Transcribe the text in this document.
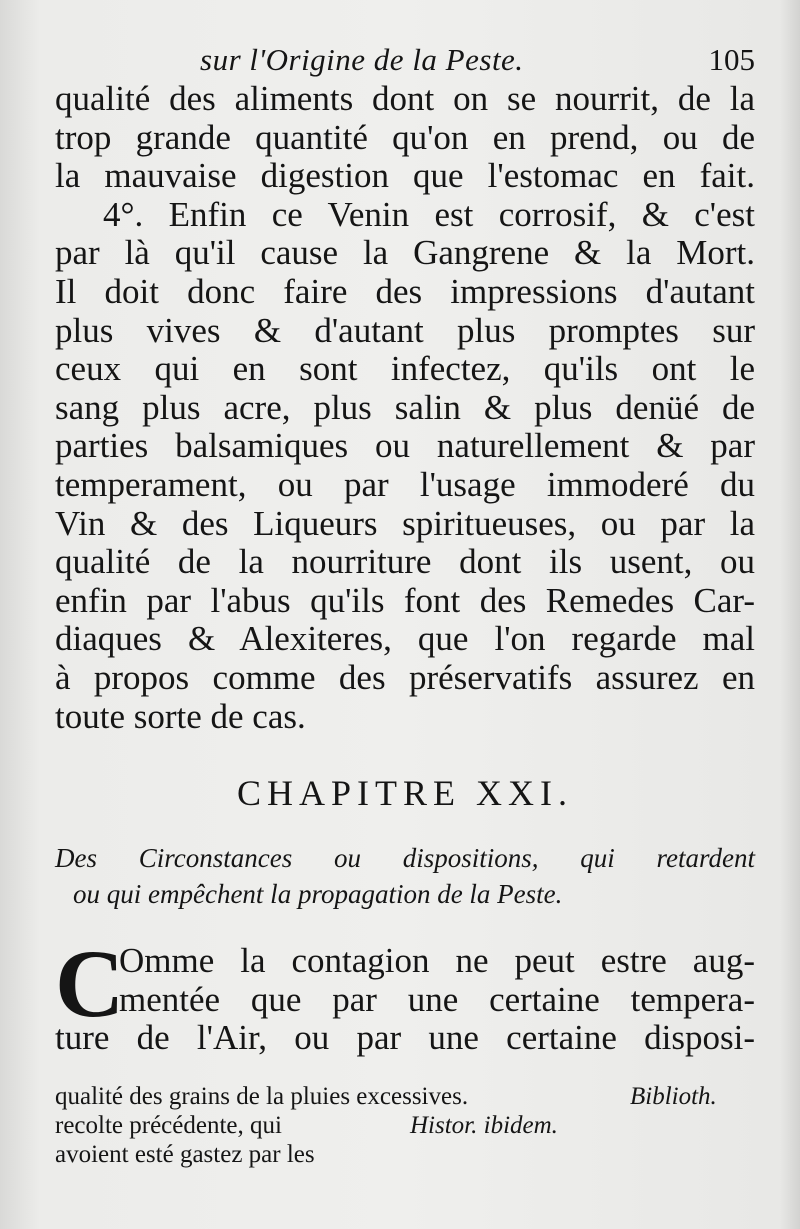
sur l'Origine de la Peste.	105
qualité des aliments dont on se nourrit, de la
trop grande quantité qu'on en prend, ou de
la mauvaise digestion que l'estomac en fait.
4°. Enfin ce Venin est corrosif, & c'est
par là qu'il cause la Gangrene & la Mort.
Il doit donc faire des impressions d'autant
plus vives & d'autant plus promptes sur
ceux qui en sont infectez, qu'ils ont le
sang plus acre, plus salin & plus denüé de
parties balsamiques ou naturellement & par
temperament, ou par l'usage immoderé du
Vin & des Liqueurs spiritueuses, ou par la
qualité de la nourriture dont ils usent, ou
enfin par l'abus qu'ils font des Remedes Car-
diaques & Alexiteres, que l'on regarde mal
à propos comme des préservatifs assurez en
toute sorte de cas.
CHAPITRE XXI.
Des Circonstances ou dispositions, qui retardent
ou qui empêchent la propagation de la Peste.
C
Omme la contagion ne peut estre aug-
mentée que par une certaine tempera-
ture de l'Air, ou par une certaine disposi-
qualité des grains de la pluies excessives.	Biblioth.
recolte précédente, qui	Histor. ibidem.
avoient esté gastez par les
